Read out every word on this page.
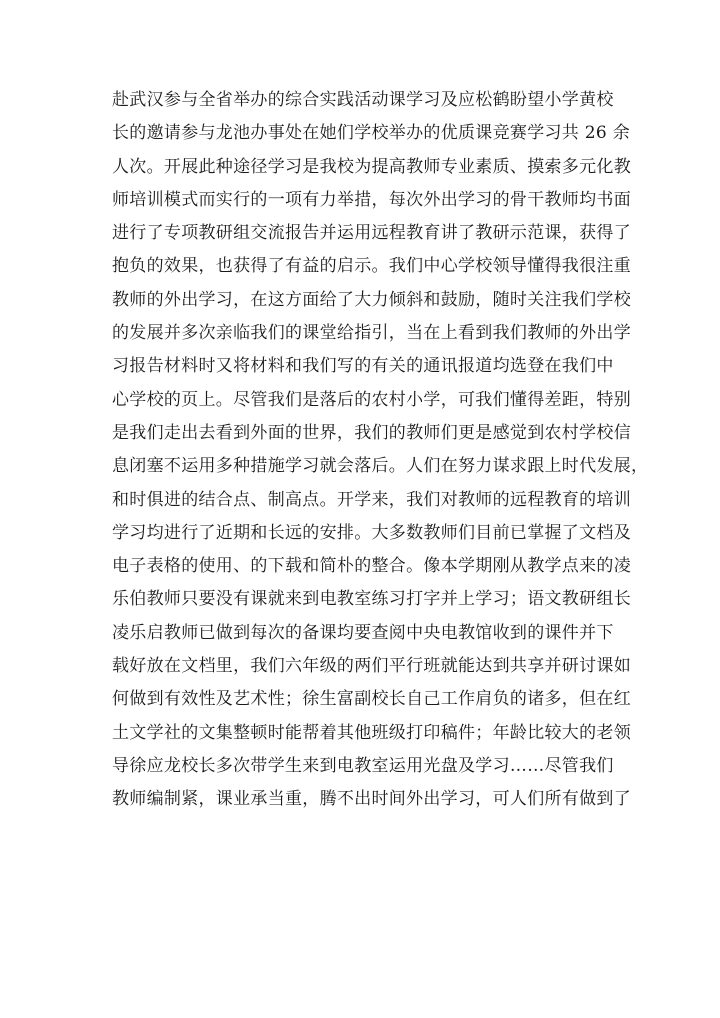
赴武汉参与全省举办的综合实践活动课学习及应松鹤盼望小学黄校
长的邀请参与龙池办事处在她们学校举办的优质课竞赛学习共 26 余
人次。开展此种途径学习是我校为提高教师专业素质、摸索多元化教
师培训模式而实行的一项有力举措，每次外出学习的骨干教师均书面
进行了专项教研组交流报告并运用远程教育讲了教研示范课，获得了
抱负的效果，也获得了有益的启示。我们中心学校领导懂得我很注重
教师的外出学习，在这方面给了大力倾斜和鼓励，随时关注我们学校
的发展并多次亲临我们的课堂给指引，当在上看到我们教师的外出学
习报告材料时又将材料和我们写的有关的通讯报道均选登在我们中
心学校的页上。尽管我们是落后的农村小学，可我们懂得差距，特别
是我们走出去看到外面的世界，我们的教师们更是感觉到农村学校信
息闭塞不运用多种措施学习就会落后。人们在努力谋求跟上时代发展，
和时俱进的结合点、制高点。开学来，我们对教师的远程教育的培训
学习均进行了近期和长远的安排。大多数教师们目前已掌握了文档及
电子表格的使用、的下载和简朴的整合。像本学期刚从教学点来的凌
乐伯教师只要没有课就来到电教室练习打字并上学习；语文教研组长
凌乐启教师已做到每次的备课均要查阅中央电教馆收到的课件并下
载好放在文档里，我们六年级的两们平行班就能达到共享并研讨课如
何做到有效性及艺术性；徐生富副校长自己工作肩负的诸多，但在红
土文学社的文集整顿时能帮着其他班级打印稿件；年龄比较大的老领
导徐应龙校长多次带学生来到电教室运用光盘及学习……尽管我们
教师编制紧，课业承当重，腾不出时间外出学习，可人们所有做到了
